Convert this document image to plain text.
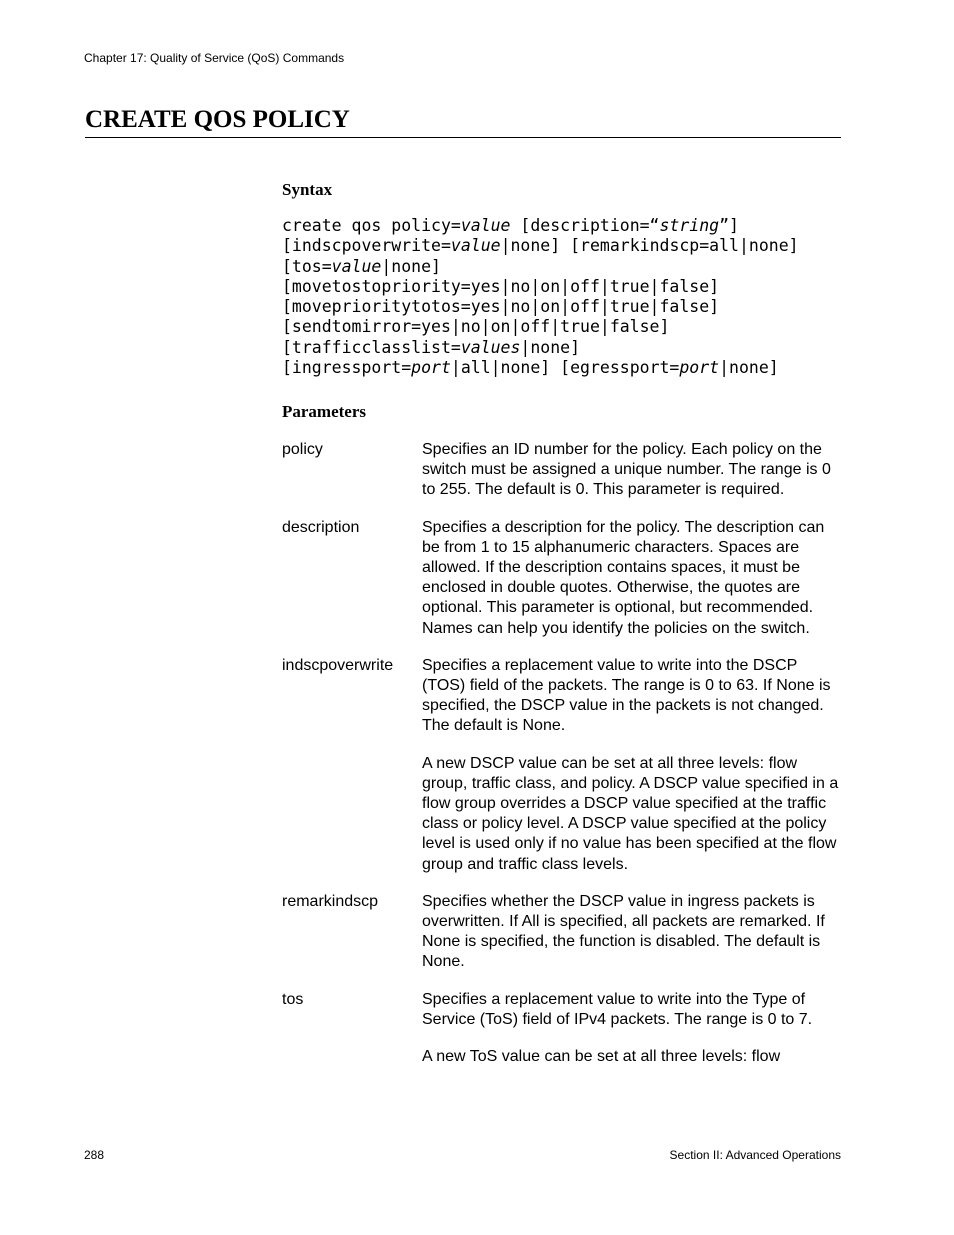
Chapter 17: Quality of Service (QoS) Commands
CREATE QOS POLICY
Syntax
create qos policy=value [description=“string”]
[indscpoverwrite=value|none] [remarkindscp=all|none]
[tos=value|none]
[movetostopriority=yes|no|on|off|true|false]
[moveprioritytotos=yes|no|on|off|true|false]
[sendtomirror=yes|no|on|off|true|false]
[trafficclasslist=values|none]
[ingressport=port|all|none] [egressport=port|none]
Parameters
policy	Specifies an ID number for the policy. Each policy on the switch must be assigned a unique number. The range is 0 to 255. The default is 0. This parameter is required.

description	Specifies a description for the policy. The description can be from 1 to 15 alphanumeric characters. Spaces are allowed. If the description contains spaces, it must be enclosed in double quotes. Otherwise, the quotes are optional. This parameter is optional, but recommended. Names can help you identify the policies on the switch.

indscpoverwrite Specifies a replacement value to write into the DSCP (TOS) field of the packets. The range is 0 to 63. If None is specified, the DSCP value in the packets is not changed. The default is None.

A new DSCP value can be set at all three levels: flow group, traffic class, and policy. A DSCP value specified in a flow group overrides a DSCP value specified at the traffic class or policy level. A DSCP value specified at the policy level is used only if no value has been specified at the flow group and traffic class levels.

remarkindscp	Specifies whether the DSCP value in ingress packets is overwritten. If All is specified, all packets are remarked. If None is specified, the function is disabled. The default is None.

tos	Specifies a replacement value to write into the Type of Service (ToS) field of IPv4 packets. The range is 0 to 7.

A new ToS value can be set at all three levels: flow

288	Section II: Advanced Operations
